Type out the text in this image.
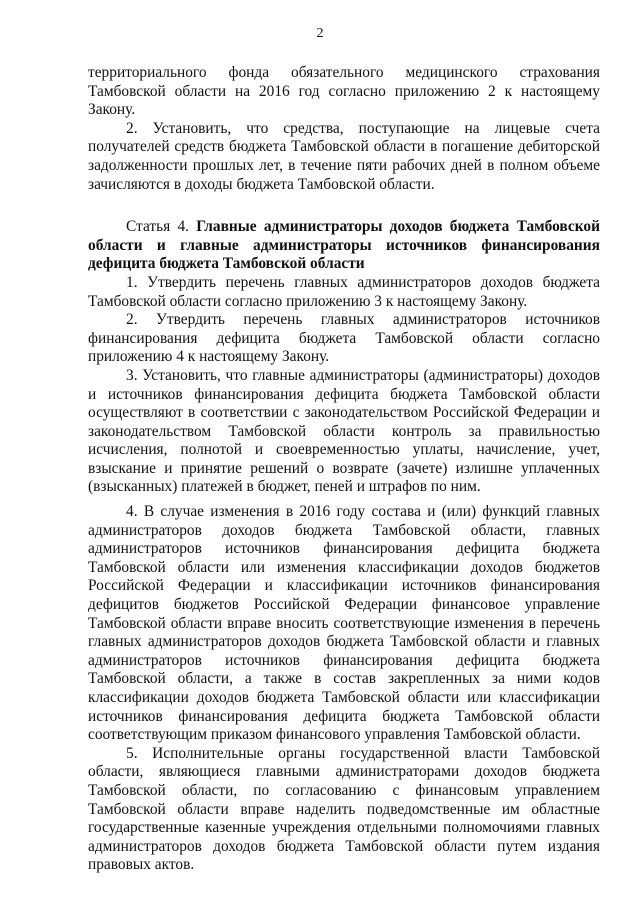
2

территориального фонда обязательного медицинского страхования Тамбовской области на 2016 год согласно приложению 2 к настоящему Закону.

2. Установить, что средства, поступающие на лицевые счета получателей средств бюджета Тамбовской области в погашение дебиторской задолженности прошлых лет, в течение пяти рабочих дней в полном объеме зачисляются в доходы бюджета Тамбовской области.

Статья 4. Главные администраторы доходов бюджета Тамбовской области и главные администраторы источников финансирования дефицита бюджета Тамбовской области

1. Утвердить перечень главных администраторов доходов бюджета Тамбовской области согласно приложению 3 к настоящему Закону.

2. Утвердить перечень главных администраторов источников финансирования дефицита бюджета Тамбовской области согласно приложению 4 к настоящему Закону.

3. Установить, что главные администраторы (администраторы) доходов и источников финансирования дефицита бюджета Тамбовской области осуществляют в соответствии с законодательством Российской Федерации и законодательством Тамбовской области контроль за правильностью исчисления, полнотой и своевременностью уплаты, начисление, учет, взыскание и принятие решений о возврате (зачете) излишне уплаченных (взысканных) платежей в бюджет, пеней и штрафов по ним.

4. В случае изменения в 2016 году состава и (или) функций главных администраторов доходов бюджета Тамбовской области, главных администраторов источников финансирования дефицита бюджета Тамбовской области или изменения классификации доходов бюджетов Российской Федерации и классификации источников финансирования дефицитов бюджетов Российской Федерации финансовое управление Тамбовской области вправе вносить соответствующие изменения в перечень главных администраторов доходов бюджета Тамбовской области и главных администраторов источников финансирования дефицита бюджета Тамбовской области, а также в состав закрепленных за ними кодов классификации доходов бюджета Тамбовской области или классификации источников финансирования дефицита бюджета Тамбовской области соответствующим приказом финансового управления Тамбовской области.

5. Исполнительные органы государственной власти Тамбовской области, являющиеся главными администраторами доходов бюджета Тамбовской области, по согласованию с финансовым управлением Тамбовской области вправе наделить подведомственные им областные государственные казенные учреждения отдельными полномочиями главных администраторов доходов бюджета Тамбовской области путем издания правовых актов.
